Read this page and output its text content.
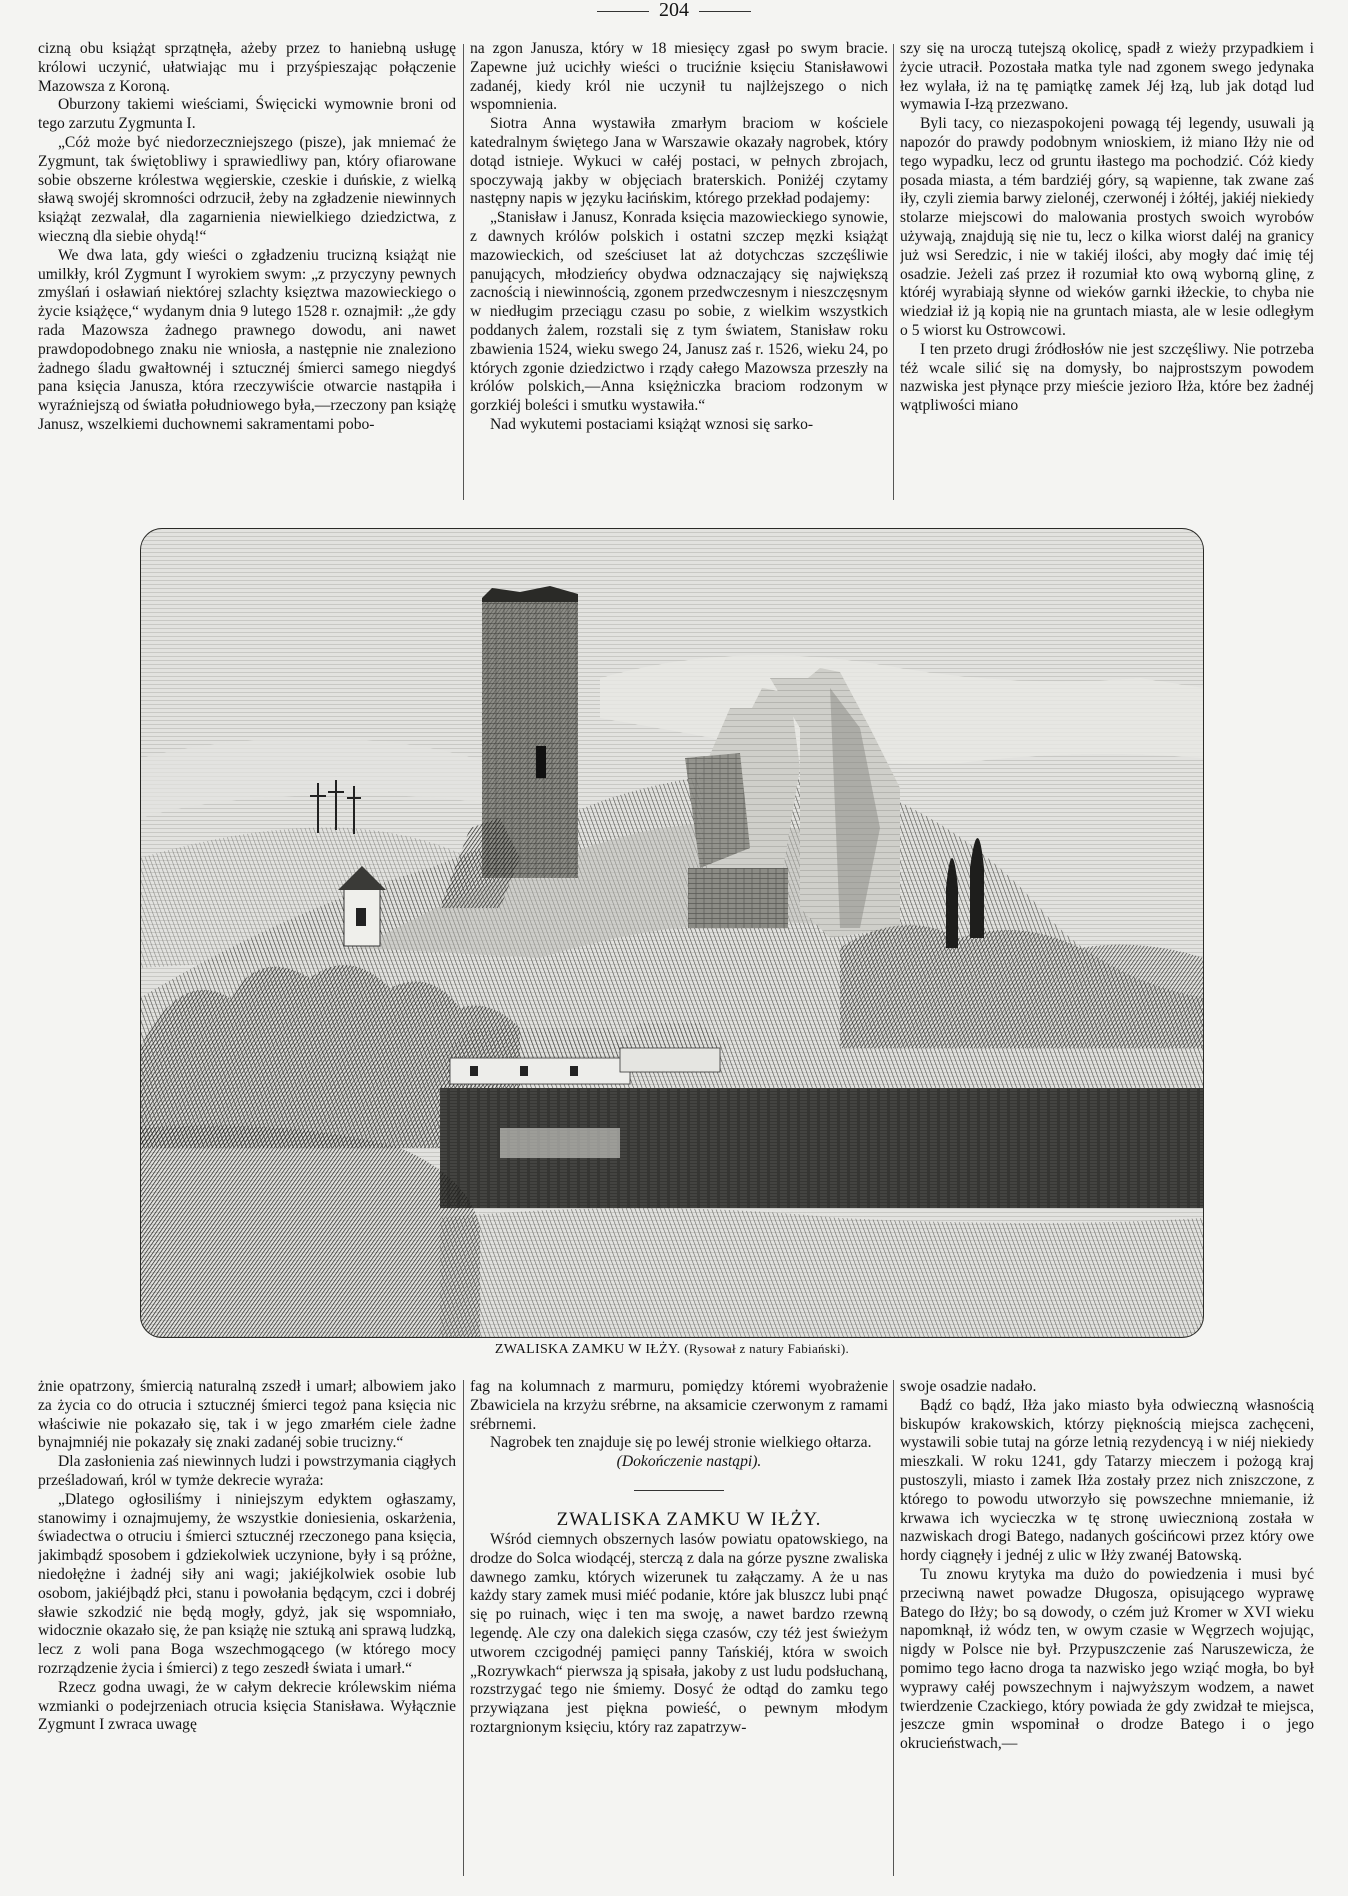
204

cizną obu książąt sprzątnęła, ażeby przez to haniebną usługę królowi uczynić, ułatwiając mu i przyśpieszając połączenie Mazowsza z Koroną.

Oburzony takiemi wieściami, Święcicki wymownie broni od tego zarzutu Zygmunta I.

„Cóż może być niedorzeczniejszego (pisze), jak mniemać że Zygmunt, tak świętobliwy i sprawiedliwy pan, który ofiarowane sobie obszerne królestwa węgierskie, czeskie i duńskie, z wielką sławą swojéj skromności odrzucił, żeby na zgładzenie niewinnych książąt zezwalał, dla zagarnienia niewielkiego dziedzictwa, z wieczną dla siebie ohydą!“

We dwa lata, gdy wieści o zgładzeniu trucizną książąt nie umilkły, król Zygmunt I wyrokiem swym: „z przyczyny pewnych zmyślań i osławiań niektórej szlachty księztwa mazowieckiego o życie książęce,“ wydanym dnia 9 lutego 1528 r. oznajmił: „że gdy rada Mazowsza żadnego prawnego dowodu, ani nawet prawdopodobnego znaku nie wniosła, a następnie nie znaleziono żadnego śladu gwałtownéj i sztucznéj śmierci samego niegdyś pana księcia Janusza, która rzeczywiście otwarcie nastąpiła i wyraźniejszą od światła południowego była,—rzeczony pan książę Janusz, wszelkiemi duchownemi sakramentami pobo-

na zgon Janusza, który w 18 miesięcy zgasł po swym bracie. Zapewne już ucichły wieści o truciźnie księciu Stanisławowi zadanéj, kiedy król nie uczynił tu najlżejszego o nich wspomnienia.

Siotra Anna wystawiła zmarłym braciom w kościele katedralnym świętego Jana w Warszawie okazały nagrobek, który dotąd istnieje. Wykuci w całéj postaci, w pełnych zbrojach, spoczywają jakby w objęciach braterskich. Poniżéj czytamy następny napis w języku łacińskim, którego przekład podajemy:

„Stanisław i Janusz, Konrada księcia mazowieckiego synowie, z dawnych królów polskich i ostatni szczep męzki książąt mazowieckich, od sześciuset lat aż dotychczas szczęśliwie panujących, młodzieńcy obydwa odznaczający się największą zacnością i niewinnością, zgonem przedwczesnym i nieszczęsnym w niedługim przeciągu czasu po sobie, z wielkim wszystkich poddanych żalem, rozstali się z tym światem, Stanisław roku zbawienia 1524, wieku swego 24, Janusz zaś r. 1526, wieku 24, po których zgonie dziedzictwo i rządy całego Mazowsza przeszły na królów polskich,—Anna księżniczka braciom rodzonym w gorzkiéj boleści i smutku wystawiła.“

Nad wykutemi postaciami książąt wznosi się sarko-

szy się na uroczą tutejszą okolicę, spadł z wieży przypadkiem i życie utracił. Pozostała matka tyle nad zgonem swego jedynaka łez wylała, iż na tę pamiątkę zamek Jéj łzą, lub jak dotąd lud wymawia I-łzą przezwano.

Byli tacy, co niezaspokojeni powagą téj legendy, usuwali ją napozór do prawdy podobnym wnioskiem, iż miano Iłży nie od tego wypadku, lecz od gruntu iłastego ma pochodzić. Cóż kiedy posada miasta, a tém bardziéj góry, są wapienne, tak zwane zaś iły, czyli ziemia barwy zielonéj, czerwonéj i żółtéj, jakiéj niekiedy stolarze miejscowi do malowania prostych swoich wyrobów używają, znajdują się nie tu, lecz o kilka wiorst daléj na granicy już wsi Seredzic, i nie w takiéj ilości, aby mogły dać imię téj osadzie. Jeżeli zaś przez ił rozumiał kto ową wyborną glinę, z któréj wyrabiają słynne od wieków garnki iłżeckie, to chyba nie wiedział iż ją kopią nie na gruntach miasta, ale w lesie odległym o 5 wiorst ku Ostrowcowi.

I ten przeto drugi źródłosłów nie jest szczęśliwy. Nie potrzeba téż wcale silić się na domysły, bo najprostszym powodem nazwiska jest płynące przy mieście jezioro Iłża, które bez żadnéj wątpliwości miano

ZWALISKA ZAMKU W IŁŻY. (Rysował z natury Fabiański).

żnie opatrzony, śmiercią naturalną zszedł i umarł; albowiem jako za życia co do otrucia i sztucznéj śmierci tegoż pana księcia nic właściwie nie pokazało się, tak i w jego zmarłém ciele żadne bynajmniéj nie pokazały się znaki zadanéj sobie trucizny.“

Dla zasłonienia zaś niewinnych ludzi i powstrzymania ciągłych prześladowań, król w tymże dekrecie wyraża:

„Dlatego ogłosiliśmy i niniejszym edyktem ogłaszamy, stanowimy i oznajmujemy, że wszystkie doniesienia, oskarżenia, świadectwa o otruciu i śmierci sztucznéj rzeczonego pana księcia, jakimbądź sposobem i gdziekolwiek uczynione, były i są próżne, niedołężne i żadnéj siły ani wagi; jakiéjkolwiek osobie lub osobom, jakiéjbądź płci, stanu i powołania będącym, czci i dobréj sławie szkodzić nie będą mogły, gdyż, jak się wspomniało, widocznie okazało się, że pan książę nie sztuką ani sprawą ludzką, lecz z woli pana Boga wszechmogącego (w którego mocy rozrządzenie życia i śmierci) z tego zeszedł świata i umarł.“

Rzecz godna uwagi, że w całym dekrecie królewskim niéma wzmianki o podejrzeniach otrucia księcia Stanisława. Wyłącznie Zygmunt I zwraca uwagę

fag na kolumnach z marmuru, pomiędzy któremi wyobrażenie Zbawiciela na krzyżu srébrne, na aksamicie czerwonym z ramami srébrnemi.

Nagrobek ten znajduje się po lewéj stronie wielkiego ołtarza.

(Dokończenie nastąpi).

ZWALISKA ZAMKU W IŁŻY.

Wśród ciemnych obszernych lasów powiatu opatowskiego, na drodze do Solca wiodącéj, sterczą z dala na górze pyszne zwaliska dawnego zamku, których wizerunek tu załączamy. A że u nas każdy stary zamek musi miéć podanie, które jak bluszcz lubi pnąć się po ruinach, więc i ten ma swoję, a nawet bardzo rzewną legendę. Ale czy ona dalekich sięga czasów, czy téż jest świeżym utworem czcigodnéj pamięci panny Tańskiéj, która w swoich „Rozrywkach“ pierwsza ją spisała, jakoby z ust ludu podsłuchaną, rozstrzygać tego nie śmiemy. Dosyć że odtąd do zamku tego przywiązana jest piękna powieść, o pewnym młodym roztargnionym księciu, który raz zapatrzyw-

swoje osadzie nadało.

Bądź co bądź, Iłża jako miasto była odwieczną własnością biskupów krakowskich, którzy pięknością miejsca zachęceni, wystawili sobie tutaj na górze letnią rezydencyą i w niéj niekiedy mieszkali. W roku 1241, gdy Tatarzy mieczem i pożogą kraj pustoszyli, miasto i zamek Iłża zostały przez nich zniszczone, z którego to powodu utworzyło się powszechne mniemanie, iż krwawa ich wycieczka w tę stronę uwiecznioną została w nazwiskach drogi Batego, nadanych gościńcowi przez który owe hordy ciągnęły i jednéj z ulic w Iłży zwanéj Batowską.

Tu znowu krytyka ma dużo do powiedzenia i musi być przeciwną nawet powadze Długosza, opisującego wyprawę Batego do Iłży; bo są dowody, o czém już Kromer w XVI wieku napomknął, iż wódz ten, w owym czasie w Węgrzech wojując, nigdy w Polsce nie był. Przypuszczenie zaś Naruszewicza, że pomimo tego łacno droga ta nazwisko jego wziąć mogła, bo był wyprawy całéj powszechnym i najwyższym wodzem, a nawet twierdzenie Czackiego, który powiada że gdy zwidzał te miejsca, jeszcze gmin wspominał o drodze Batego i o jego okrucieństwach,—
